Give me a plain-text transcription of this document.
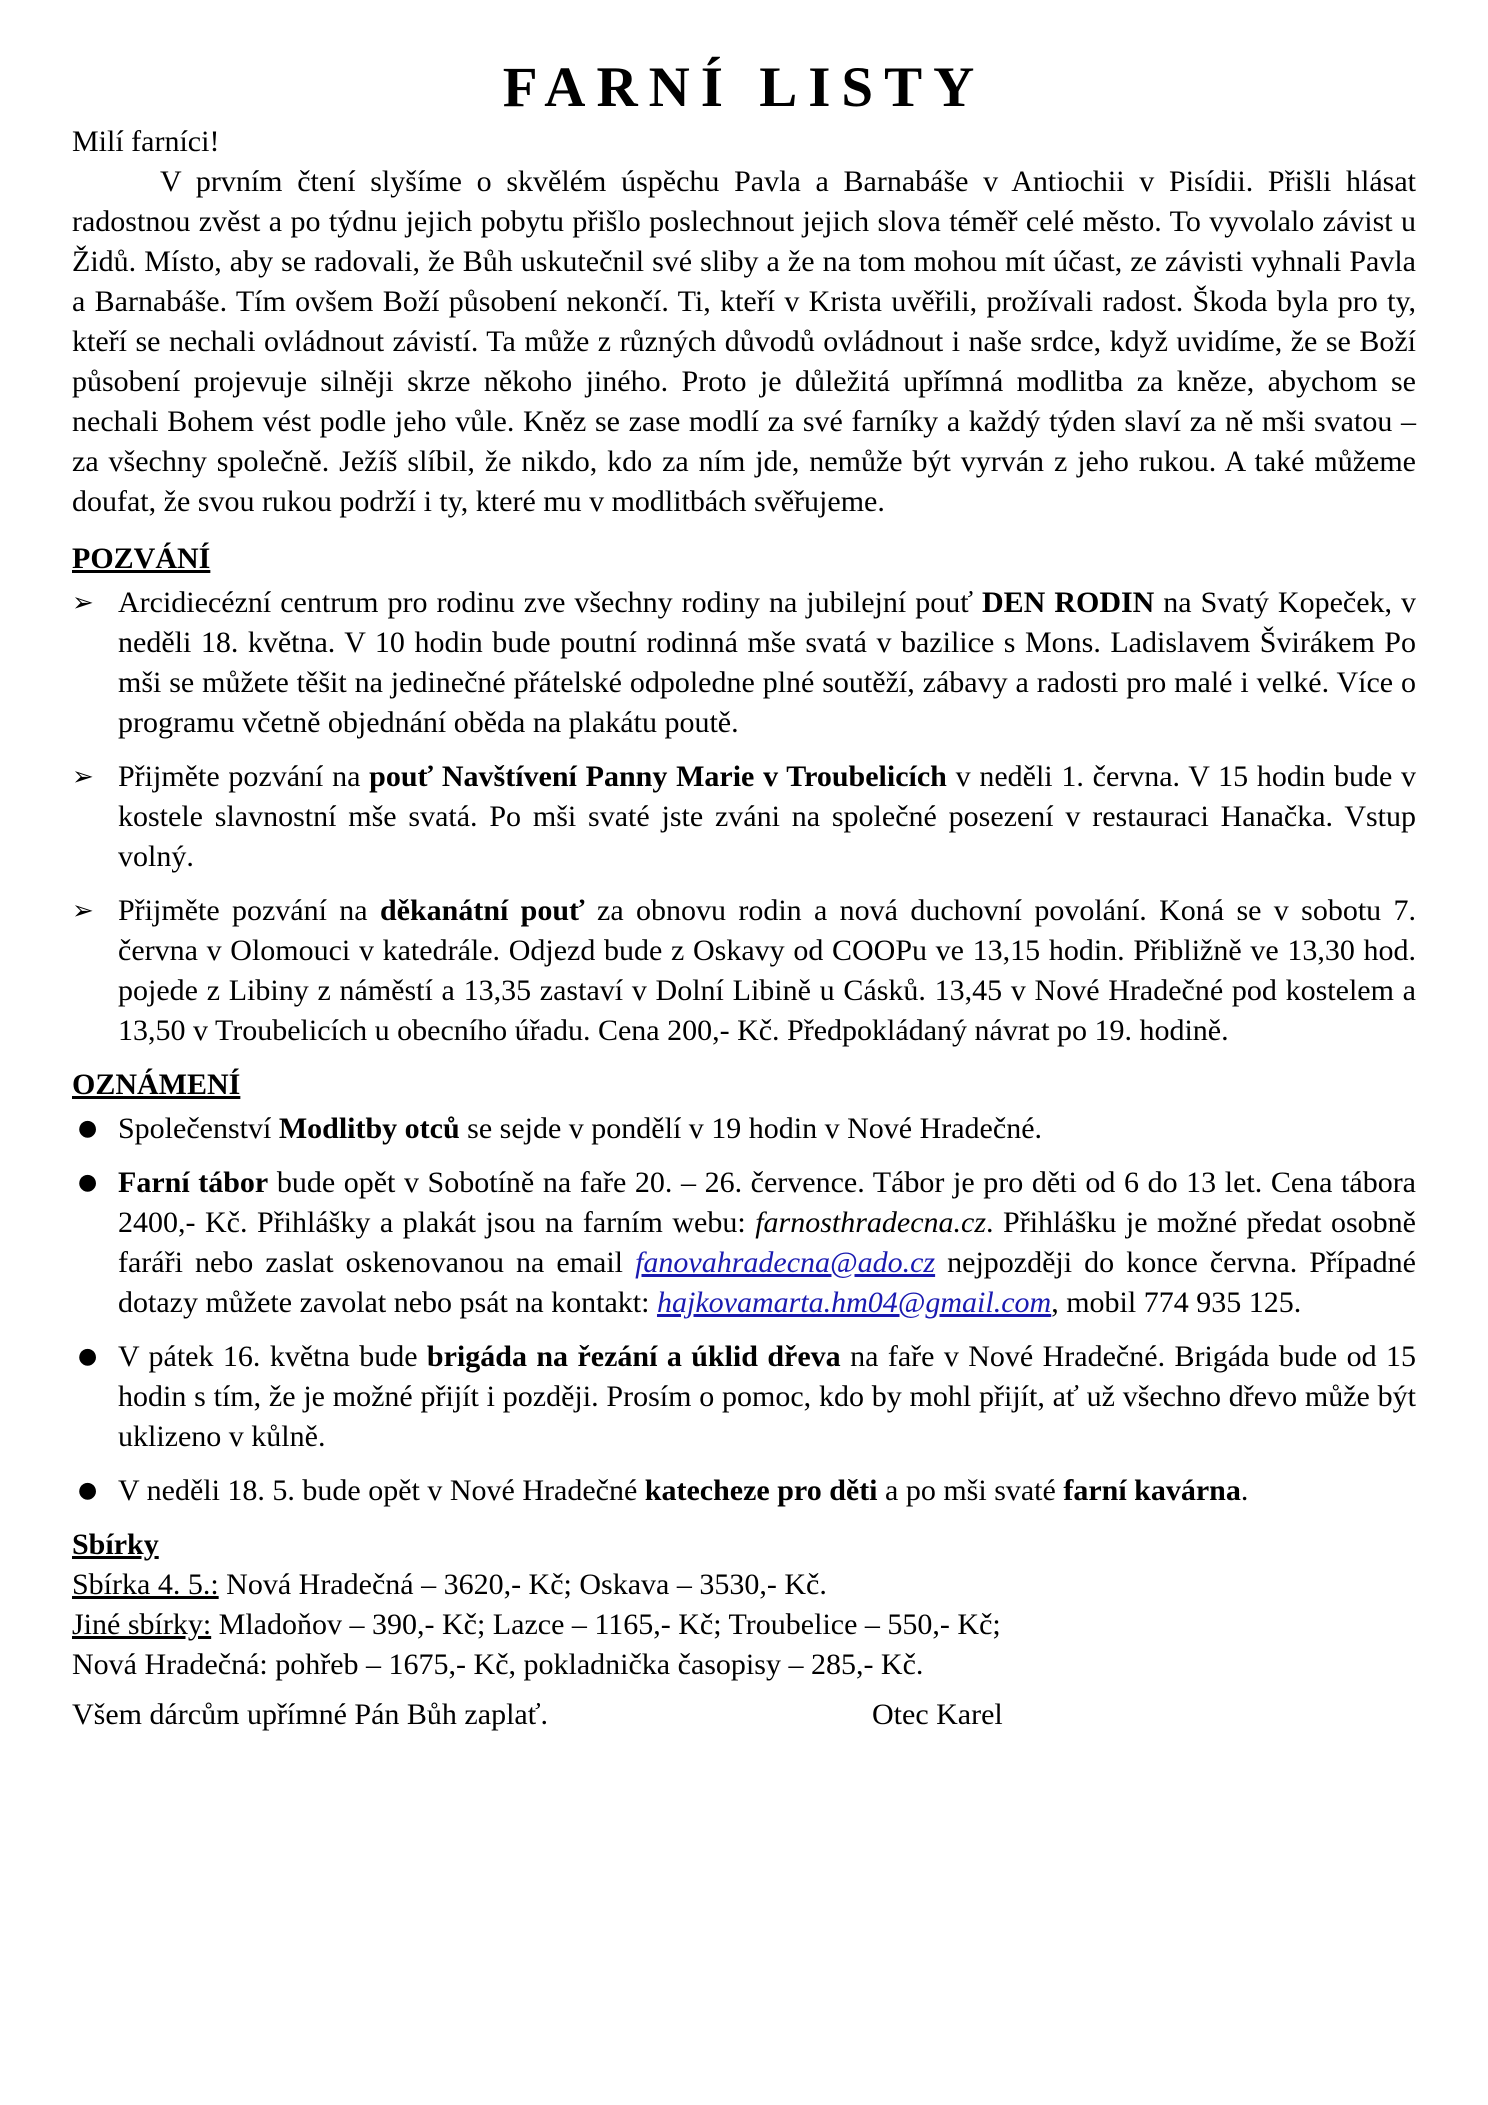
FARNÍ LISTY

Milí farníci!

V prvním čtení slyšíme o skvělém úspěchu Pavla a Barnabáše v Antiochii v Pisídii. Přišli hlásat radostnou zvěst a po týdnu jejich pobytu přišlo poslechnout jejich slova téměř celé město. To vyvolalo závist u Židů. Místo, aby se radovali, že Bůh uskutečnil své sliby a že na tom mohou mít účast, ze závisti vyhnali Pavla a Barnabáše. Tím ovšem Boží působení nekončí. Ti, kteří v Krista uvěřili, prožívali radost. Škoda byla pro ty, kteří se nechali ovládnout závistí. Ta může z různých důvodů ovládnout i naše srdce, když uvidíme, že se Boží působení projevuje silněji skrze někoho jiného. Proto je důležitá upřímná modlitba za kněze, abychom se nechali Bohem vést podle jeho vůle. Kněz se zase modlí za své farníky a každý týden slaví za ně mši svatou – za všechny společně. Ježíš slíbil, že nikdo, kdo za ním jde, nemůže být vyrván z jeho rukou. A také můžeme doufat, že svou rukou podrží i ty, které mu v modlitbách svěřujeme.

POZVÁNÍ
➢ Arcidiecézní centrum pro rodinu zve všechny rodiny na jubilejní pouť DEN RODIN na Svatý Kopeček, v neděli 18. května. V 10 hodin bude poutní rodinná mše svatá v bazilice s Mons. Ladislavem Švirákem Po mši se můžete těšit na jedinečné přátelské odpoledne plné soutěží, zábavy a radosti pro malé i velké. Více o programu včetně objednání oběda na plakátu poutě.
➢ Přijměte pozvání na pouť Navštívení Panny Marie v Troubelicích v neděli 1. června. V 15 hodin bude v kostele slavnostní mše svatá. Po mši svaté jste zváni na společné posezení v restauraci Hanačka. Vstup volný.
➢ Přijměte pozvání na děkanátní pouť za obnovu rodin a nová duchovní povolání. Koná se v sobotu 7. června v Olomouci v katedrále. Odjezd bude z Oskavy od COOPu ve 13,15 hodin. Přibližně ve 13,30 hod. pojede z Libiny z náměstí a 13,35 zastaví v Dolní Libině u Cásků. 13,45 v Nové Hradečné pod kostelem a 13,50 v Troubelicích u obecního úřadu. Cena 200,- Kč. Předpokládaný návrat po 19. hodině.
OZNÁMENÍ
● Společenství Modlitby otců se sejde v pondělí v 19 hodin v Nové Hradečné.
● Farní tábor bude opět v Sobotíně na faře 20. – 26. července. Tábor je pro děti od 6 do 13 let. Cena tábora 2400,- Kč. Přihlášky a plakát jsou na farním webu: farnosthradecna.cz. Přihlášku je možné předat osobně faráři nebo zaslat oskenovanou na email fanovahradecna@ado.cz nejpozději do konce června. Případné dotazy můžete zavolat nebo psát na kontakt: hajkovamarta.hm04@gmail.com, mobil 774 935 125.
● V pátek 16. května bude brigáda na řezání a úklid dřeva na faře v Nové Hradečné. Brigáda bude od 15 hodin s tím, že je možné přijít i později. Prosím o pomoc, kdo by mohl přijít, ať už všechno dřevo může být uklizeno v kůlně.
● V neděli 18. 5. bude opět v Nové Hradečné katecheze pro děti a po mši svaté farní kavárna.
Sbírky

Sbírka 4. 5.: Nová Hradečná – 3620,- Kč; Oskava – 3530,- Kč.

Jiné sbírky: Mladoňov – 390,- Kč; Lazce – 1165,- Kč; Troubelice – 550,- Kč;

Nová Hradečná: pohřeb – 1675,- Kč, pokladnička časopisy – 285,- Kč.

Všem dárcům upřímné Pán Bůh zaplať.	Otec Karel
